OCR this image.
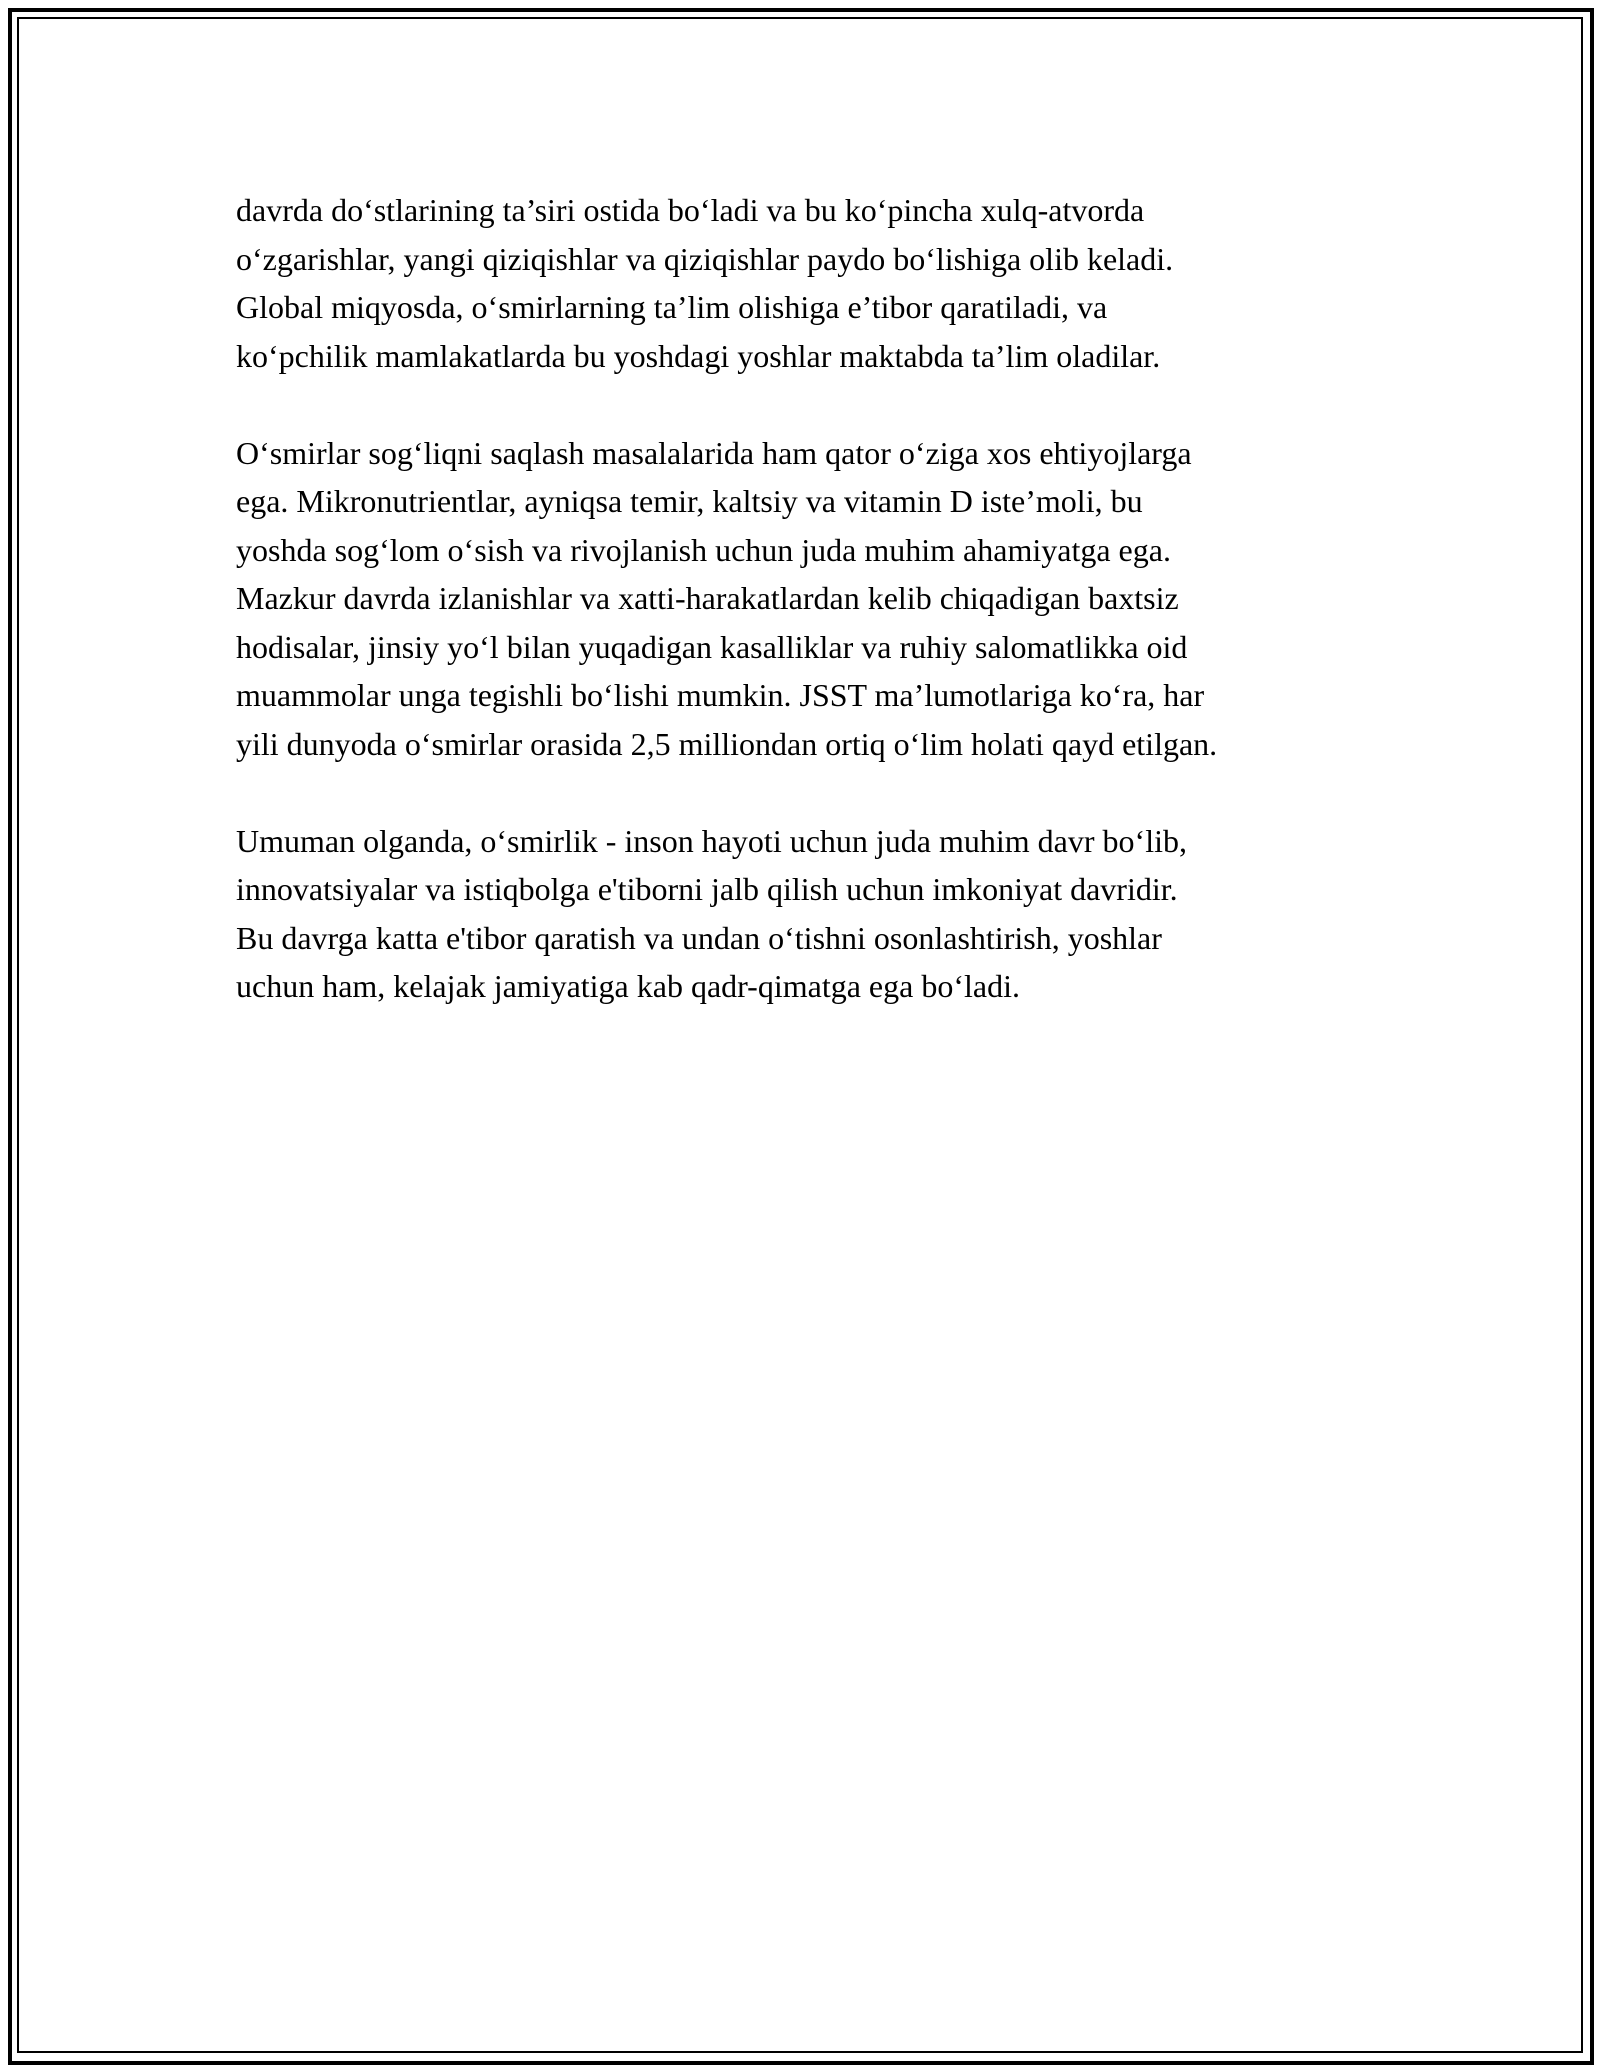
davrda do‘stlarining ta’siri ostida bo‘ladi va bu ko‘pincha xulq-atvorda
o‘zgarishlar, yangi qiziqishlar va qiziqishlar paydo bo‘lishiga olib keladi.
Global miqyosda, o‘smirlarning ta’lim olishiga e’tibor qaratiladi, va
ko‘pchilik mamlakatlarda bu yoshdagi yoshlar maktabda ta’lim oladilar.

O‘smirlar sog‘liqni saqlash masalalarida ham qator o‘ziga xos ehtiyojlarga
ega. Mikronutrientlar, ayniqsa temir, kaltsiy va vitamin D iste’moli, bu
yoshda sog‘lom o‘sish va rivojlanish uchun juda muhim ahamiyatga ega.
Mazkur davrda izlanishlar va xatti-harakatlardan kelib chiqadigan baxtsiz
hodisalar, jinsiy yo‘l bilan yuqadigan kasalliklar va ruhiy salomatlikka oid
muammolar unga tegishli bo‘lishi mumkin. JSST ma’lumotlariga ko‘ra, har
yili dunyoda o‘smirlar orasida 2,5 milliondan ortiq o‘lim holati qayd etilgan.

Umuman olganda, o‘smirlik - inson hayoti uchun juda muhim davr bo‘lib,
innovatsiyalar va istiqbolga e'tiborni jalb qilish uchun imkoniyat davridir.
Bu davrga katta e'tibor qaratish va undan o‘tishni osonlashtirish, yoshlar
uchun ham, kelajak jamiyatiga kab qadr-qimatga ega bo‘ladi.
